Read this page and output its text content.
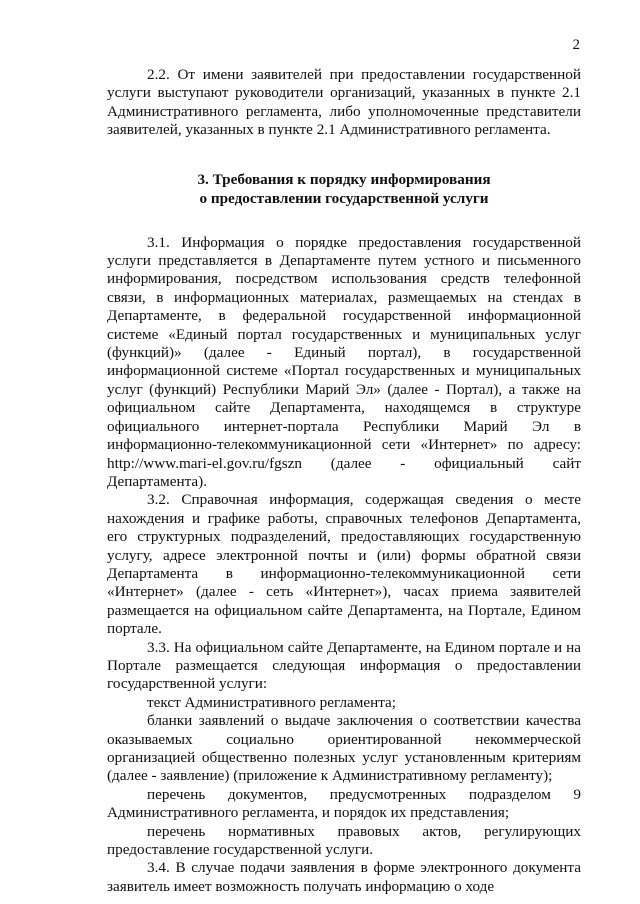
2

2.2. От имени заявителей при предоставлении государственной услуги выступают руководители организаций, указанных в пункте 2.1 Административного регламента, либо уполномоченные представители заявителей, указанных в пункте 2.1 Административного регламента.

3. Требования к порядку информирования
о предоставлении государственной услуги

3.1. Информация о порядке предоставления государственной услуги представляется в Департаменте путем устного и письменного информирования, посредством использования средств телефонной связи, в информационных материалах, размещаемых на стендах в Департаменте, в федеральной государственной информационной системе «Единый портал государственных и муниципальных услуг (функций)» (далее - Единый портал), в государственной информационной системе «Портал государственных и муниципальных услуг (функций) Республики Марий Эл» (далее - Портал), а также на официальном сайте Департамента, находящемся в структуре официального интернет-портала Республики Марий Эл в информационно-телекоммуникационной сети «Интернет» по адресу: http://www.mari-el.gov.ru/fgszn (далее - официальный сайт Департамента).

3.2. Справочная информация, содержащая сведения о месте нахождения и графике работы, справочных телефонов Департамента, его структурных подразделений, предоставляющих государственную услугу, адресе электронной почты и (или) формы обратной связи Департамента в информационно-телекоммуникационной сети «Интернет» (далее - сеть «Интернет»), часах приема заявителей размещается на официальном сайте Департамента, на Портале, Едином портале.

3.3. На официальном сайте Департаменте, на Едином портале и на Портале размещается следующая информация о предоставлении государственной услуги:

текст Административного регламента;

бланки заявлений о выдаче заключения о соответствии качества оказываемых социально ориентированной некоммерческой организацией общественно полезных услуг установленным критериям (далее - заявление) (приложение к Административному регламенту);

перечень документов, предусмотренных подразделом 9 Административного регламента, и порядок их представления;

перечень нормативных правовых актов, регулирующих предоставление государственной услуги.

3.4. В случае подачи заявления в форме электронного документа заявитель имеет возможность получать информацию о ходе
